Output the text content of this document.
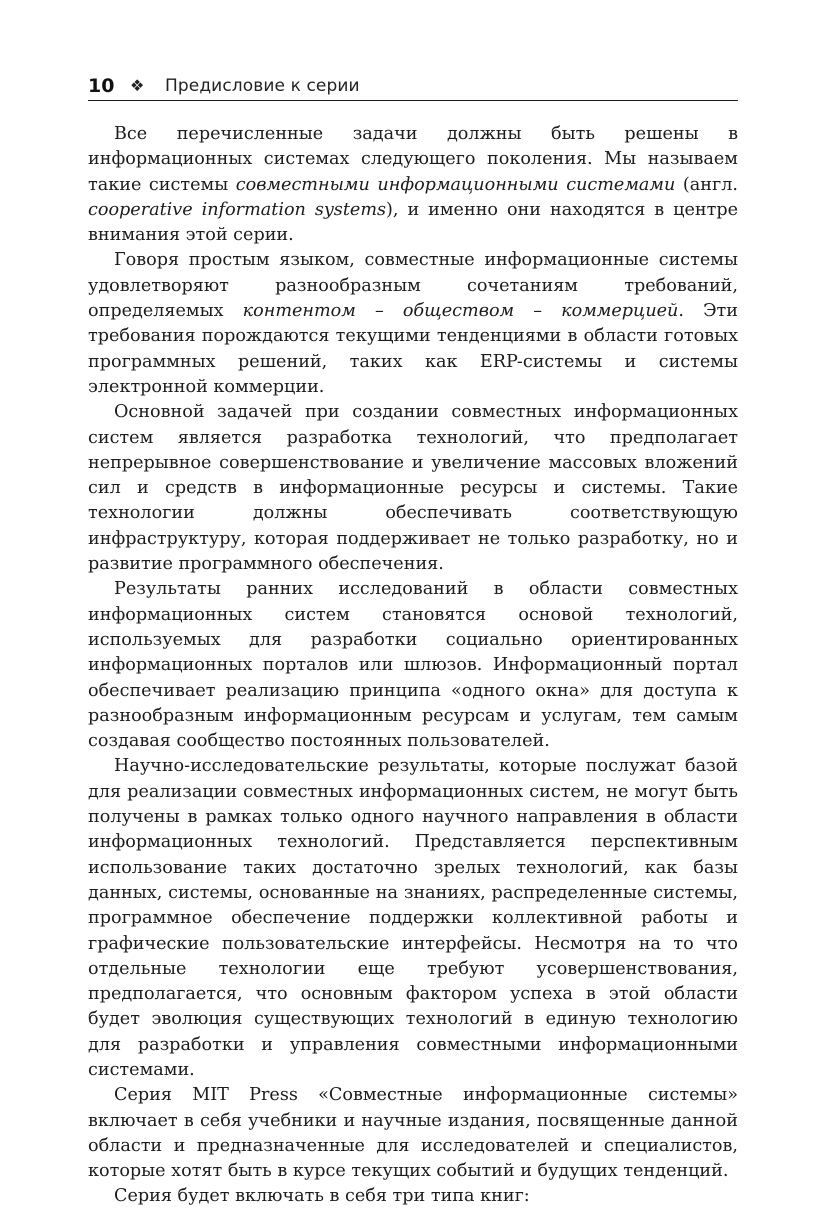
10 ❖ Предисловие к серии

Все перечисленные задачи должны быть решены в информационных системах следующего поколения. Мы называем такие системы совместными информационными системами (англ. cooperative information systems), и именно они находятся в центре внимания этой серии.

Говоря простым языком, совместные информационные системы удовлетворяют разнообразным сочетаниям требований, определяемых контентом – обществом – коммерцией. Эти требования порождаются текущими тенденциями в области готовых программных решений, таких как ERP-системы и системы электронной коммерции.

Основной задачей при создании совместных информационных систем является разработка технологий, что предполагает непрерывное совершенствование и увеличение массовых вложений сил и средств в информационные ресурсы и системы. Такие технологии должны обеспечивать соответствующую инфраструктуру, которая поддерживает не только разработку, но и развитие программного обеспечения.

Результаты ранних исследований в области совместных информационных систем становятся основой технологий, используемых для разработки социально ориентированных информационных порталов или шлюзов. Информационный портал обеспечивает реализацию принципа «одного окна» для доступа к разнообразным информационным ресурсам и услугам, тем самым создавая сообщество постоянных пользователей.

Научно-исследовательские результаты, которые послужат базой для реализации совместных информационных систем, не могут быть получены в рамках только одного научного направления в области информационных технологий. Представляется перспективным использование таких достаточно зрелых технологий, как базы данных, системы, основанные на знаниях, распределенные системы, программное обеспечение поддержки коллективной работы и графические пользовательские интерфейсы. Несмотря на то что отдельные технологии еще требуют усовершенствования, предполагается, что основным фактором успеха в этой области будет эволюция существующих технологий в единую технологию для разработки и управления совместными информационными системами.

Серия MIT Press «Совместные информационные системы» включает в себя учебники и научные издания, посвященные данной области и предназначенные для исследователей и специалистов, которые хотят быть в курсе текущих событий и будущих тенденций.

Серия будет включать в себя три типа книг:
